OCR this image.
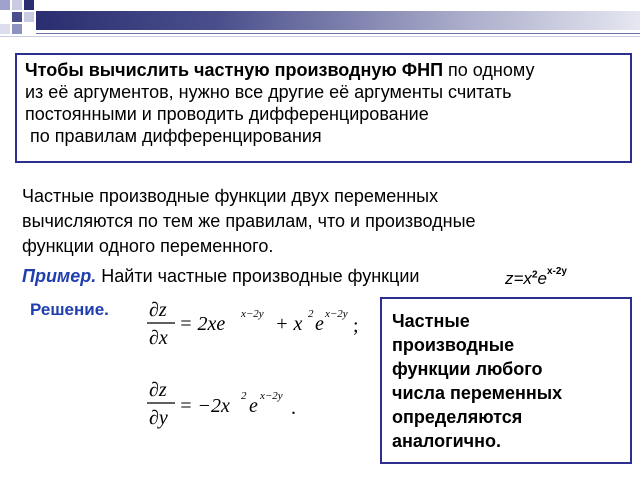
Чтобы вычислить частную производную ФНП по одному
из её аргументов, нужно все другие её аргументы считать
постоянными и проводить дифференцирование
по правилам дифференцирования
Частные производные функции двух переменных
вычисляются по тем же правилам, что и производные
функции одного переменного.
Пример. Найти частные производные функции	$z=x^2e^{x-2y}$
Решение. ∂z
∂x
= 2xe x−2y + x 2 e x−2y
;
∂z
∂y
= −2x 2 e x−2y
.
Частные
производные
функции любого
числа переменных
определяются
аналогично.
